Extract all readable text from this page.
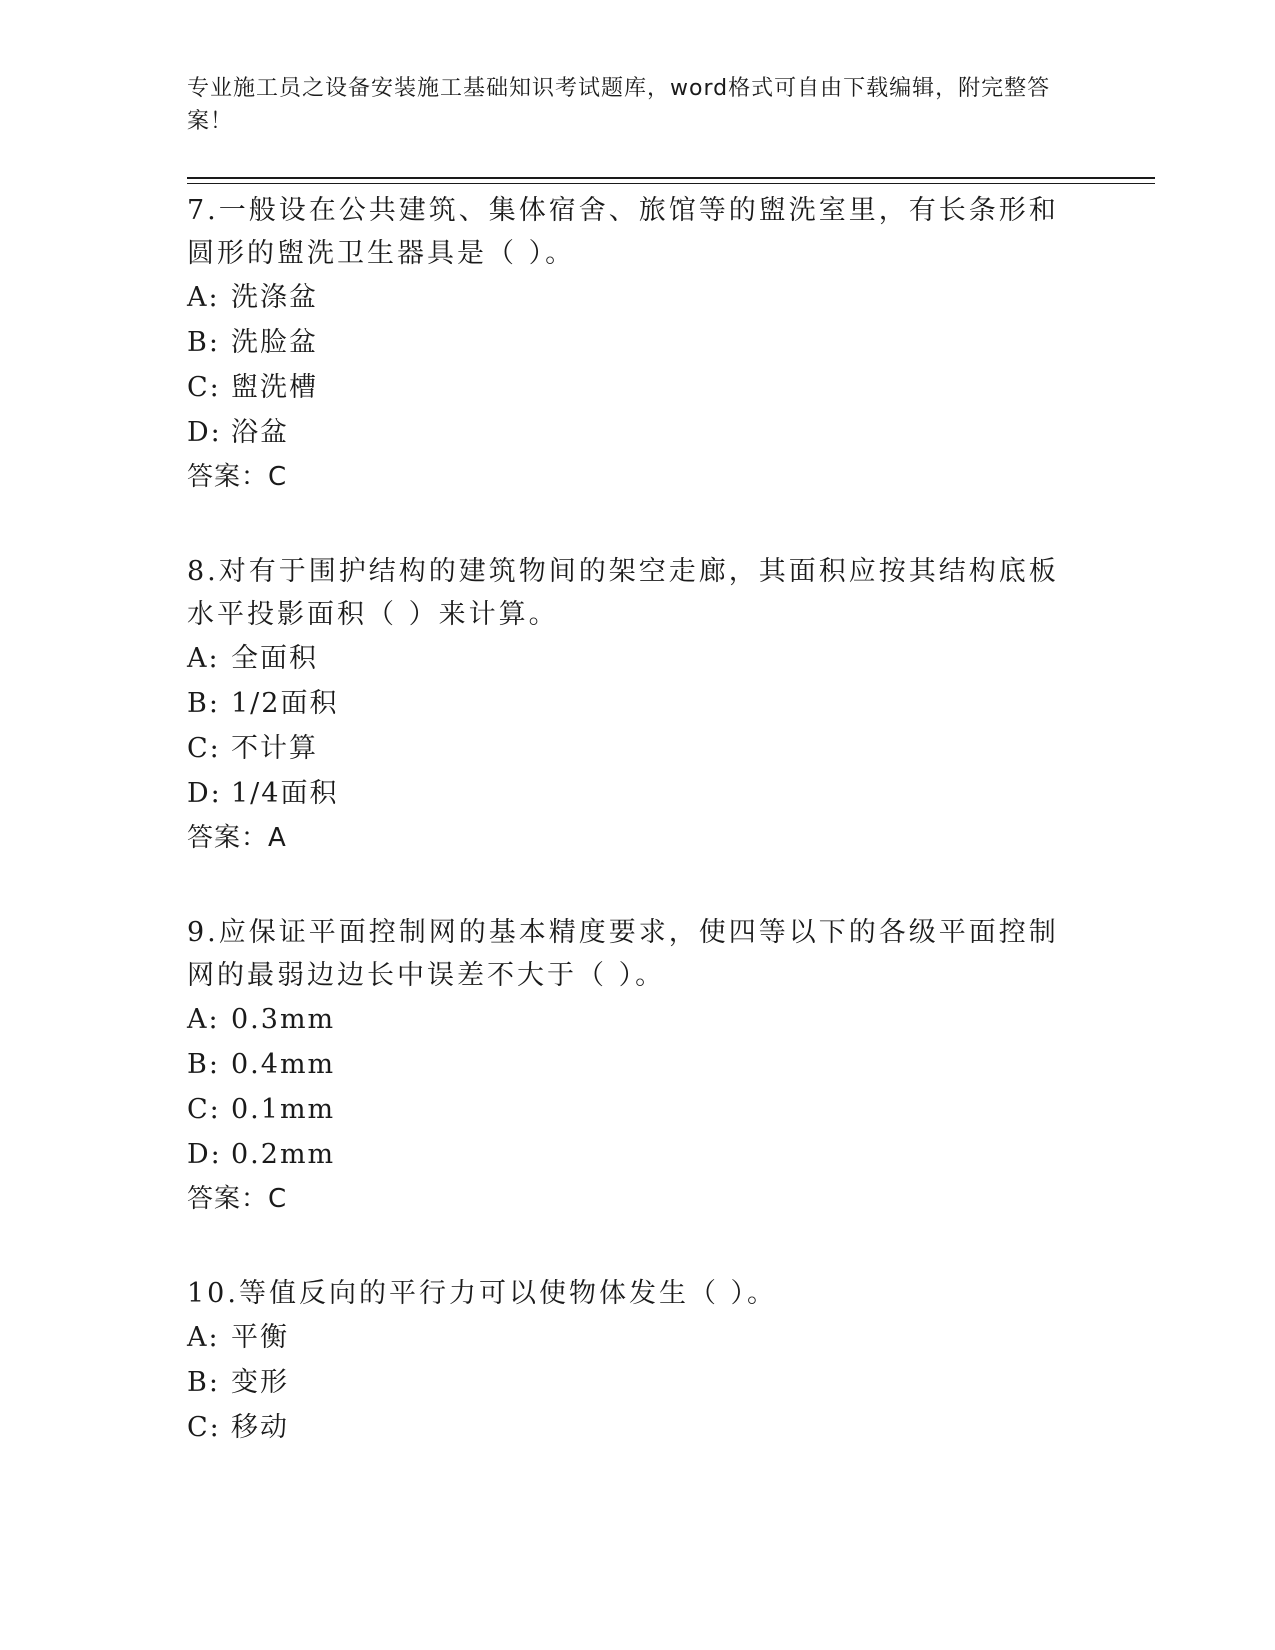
专业施工员之设备安装施工基础知识考试题库，word格式可自由下载编辑，附完整答案！

7.一般设在公共建筑、集体宿舍、旅馆等的盥洗室里，有长条形和圆形的盥洗卫生器具是（ ）。

A: 洗涤盆

B: 洗脸盆

C: 盥洗槽

D: 浴盆

答案：C

8.对有于围护结构的建筑物间的架空走廊，其面积应按其结构底板水平投影面积（ ）来计算。

A: 全面积

B: 1/2面积

C: 不计算

D: 1/4面积

答案：A

9.应保证平面控制网的基本精度要求，使四等以下的各级平面控制网的最弱边边长中误差不大于（ ）。

A: 0.3mm

B: 0.4mm

C: 0.1mm

D: 0.2mm

答案：C

10.等值反向的平行力可以使物体发生（ ）。

A: 平衡

B: 变形

C: 移动
